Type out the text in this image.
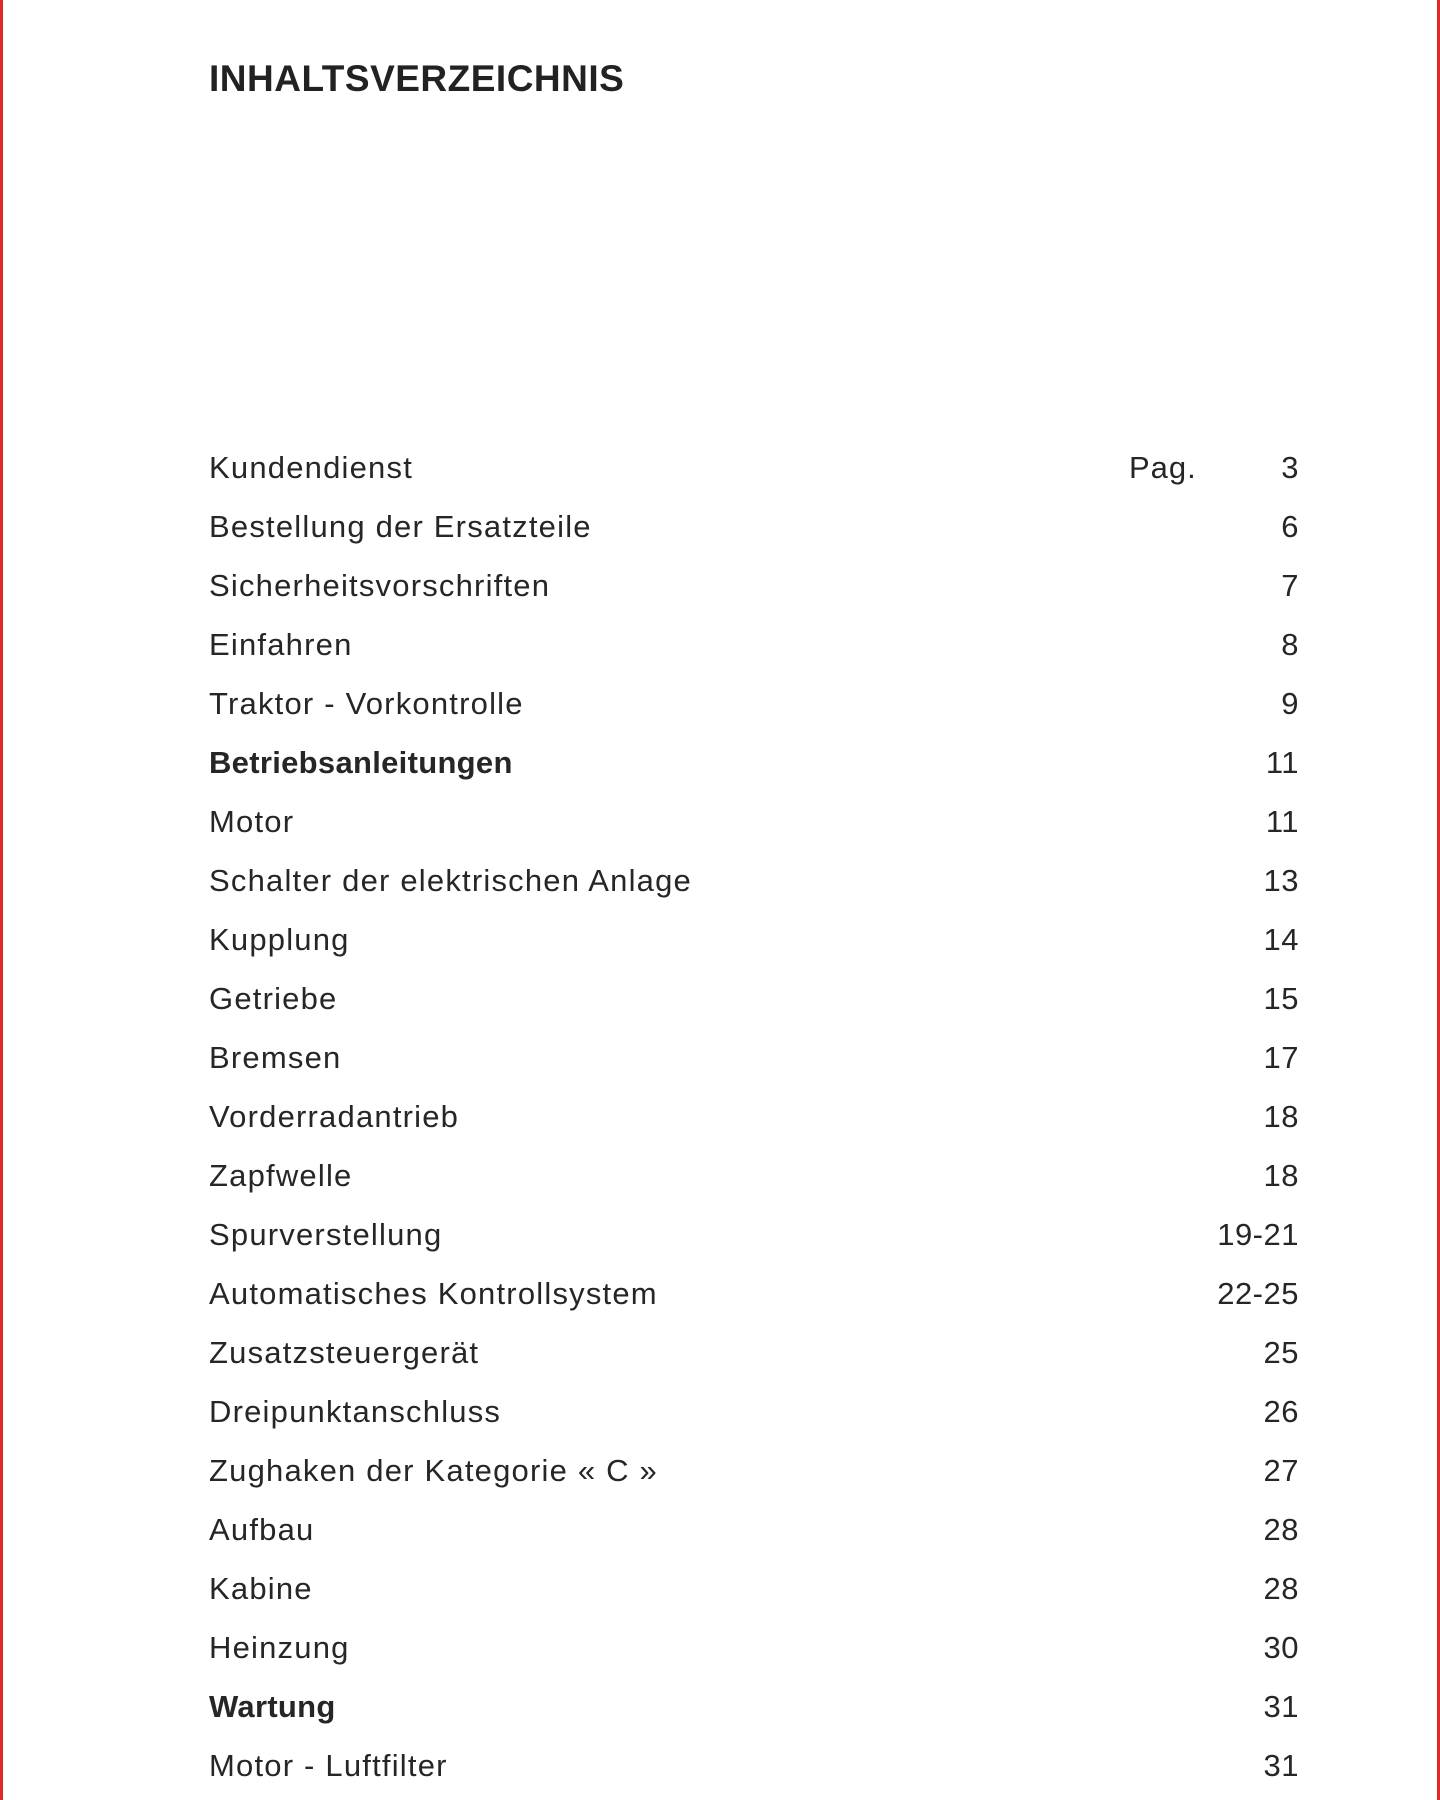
INHALTSVERZEICHNIS
Kundendienst	Pag.	3
Bestellung der Ersatzteile	6
Sicherheitsvorschriften	7
Einfahren	8
Traktor - Vorkontrolle	9
Betriebsanleitungen	11
Motor	11
Schalter der elektrischen Anlage	13
Kupplung	14
Getriebe	15
Bremsen	17
Vorderradantrieb	18
Zapfwelle	18
Spurverstellung	19-21
Automatisches Kontrollsystem	22-25
Zusatzsteuergerät	25
Dreipunktanschluss	26
Zughaken der Kategorie « C »	27
Aufbau	28
Kabine	28
Heinzung	30
Wartung	31
Motor - Luftfilter	31
